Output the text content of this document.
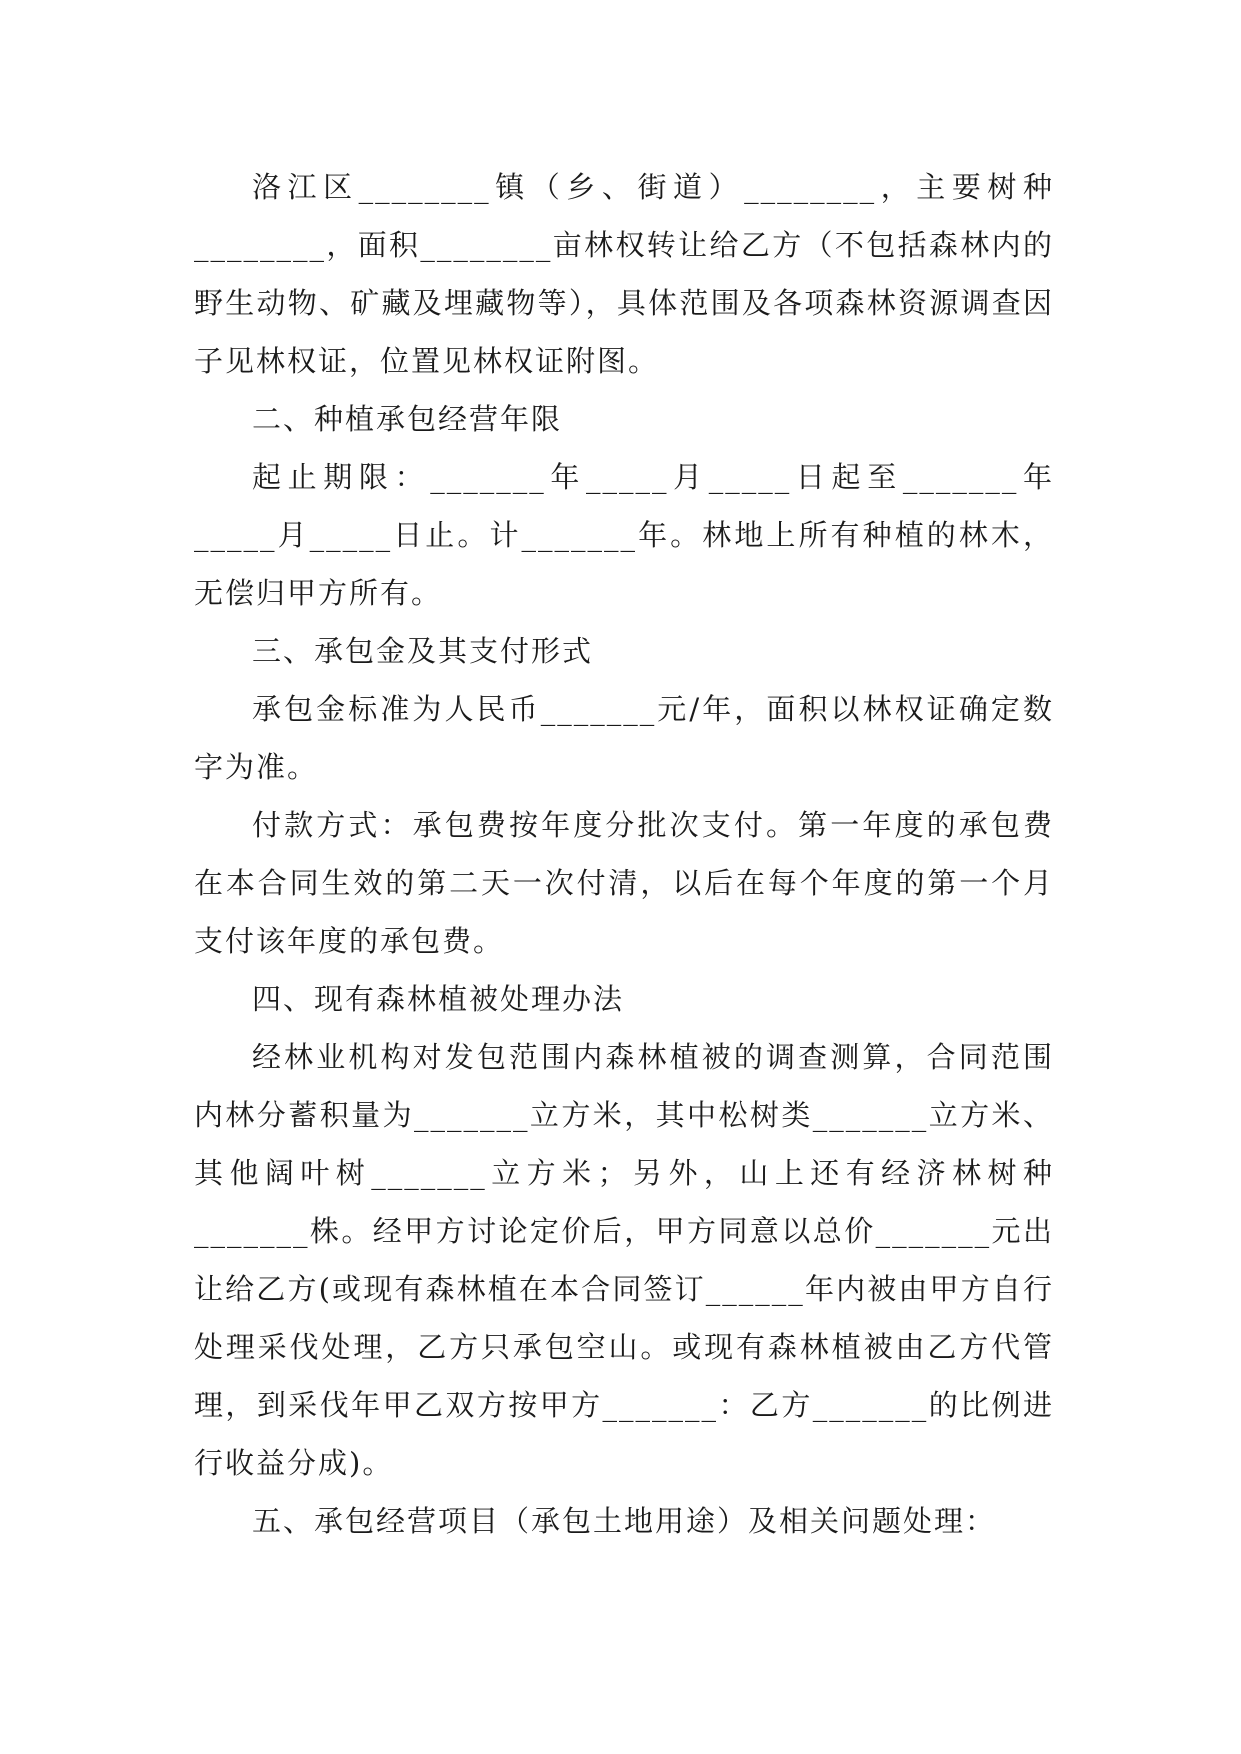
洛江区________镇（乡、街道）________，主要树种________，面积________亩林权转让给乙方（不包括森林内的野生动物、矿藏及埋藏物等），具体范围及各项森林资源调查因子见林权证，位置见林权证附图。

二、种植承包经营年限

起止期限：_______年_____月_____日起至_______年_____月_____日止。计_______年。林地上所有种植的林木，无偿归甲方所有。

三、承包金及其支付形式

承包金标准为人民币_______元/年，面积以林权证确定数字为准。

付款方式：承包费按年度分批次支付。第一年度的承包费在本合同生效的第二天一次付清，以后在每个年度的第一个月支付该年度的承包费。

四、现有森林植被处理办法

经林业机构对发包范围内森林植被的调查测算，合同范围内林分蓄积量为_______立方米，其中松树类_______立方米、其他阔叶树_______立方米；另外，山上还有经济林树种_______株。经甲方讨论定价后，甲方同意以总价_______元出让给乙方(或现有森林植在本合同签订______年内被由甲方自行处理采伐处理，乙方只承包空山。或现有森林植被由乙方代管理，到采伐年甲乙双方按甲方_______：乙方_______的比例进行收益分成)。

五、承包经营项目（承包土地用途）及相关问题处理：
